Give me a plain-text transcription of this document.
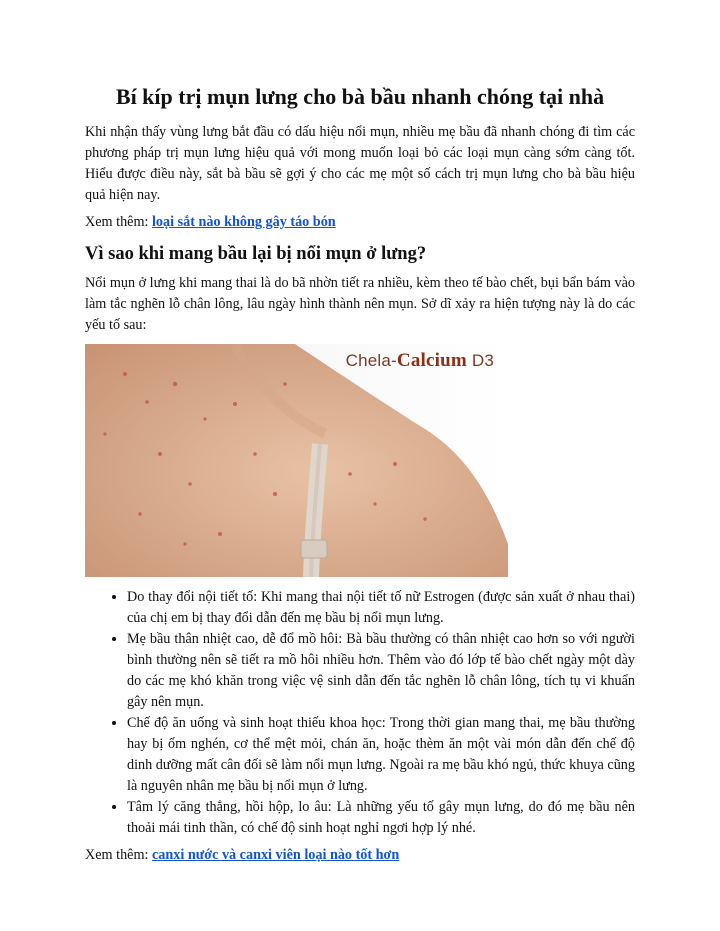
Bí kíp trị mụn lưng cho bà bầu nhanh chóng tại nhà

Khi nhận thấy vùng lưng bắt đầu có dấu hiệu nổi mụn, nhiều mẹ bầu đã nhanh chóng đi tìm các phương pháp trị mụn lưng hiệu quả với mong muốn loại bỏ các loại mụn càng sớm càng tốt. Hiểu được điều này, sắt bà bầu sẽ gợi ý cho các mẹ một số cách trị mụn lưng cho bà bầu hiệu quả hiện nay.

Xem thêm: loại sắt nào không gây táo bón
Vì sao khi mang bầu lại bị nổi mụn ở lưng?

Nổi mụn ở lưng khi mang thai là do bã nhờn tiết ra nhiều, kèm theo tế bào chết, bụi bẩn bám vào làm tắc nghẽn lỗ chân lông, lâu ngày hình thành nên mụn. Sở dĩ xảy ra hiện tượng này là do các yếu tố sau:

Chela-Calcium D3
• Do thay đổi nội tiết tố: Khi mang thai nội tiết tố nữ Estrogen (được sản xuất ở nhau thai) của chị em bị thay đổi dẫn đến mẹ bầu bị nổi mụn lưng.
• Mẹ bầu thân nhiệt cao, dễ đổ mồ hôi: Bà bầu thường có thân nhiệt cao hơn so với người bình thường nên sẽ tiết ra mồ hôi nhiều hơn. Thêm vào đó lớp tế bào chết ngày một dày do các mẹ khó khăn trong việc vệ sinh dẫn đến tắc nghẽn lỗ chân lông, tích tụ vi khuẩn gây nên mụn.
• Chế độ ăn uống và sinh hoạt thiếu khoa học: Trong thời gian mang thai, mẹ bầu thường hay bị ốm nghén, cơ thể mệt mỏi, chán ăn, hoặc thèm ăn một vài món dẫn đến chế độ dinh dưỡng mất cân đối sẽ làm nổi mụn lưng. Ngoài ra mẹ bầu khó ngủ, thức khuya cũng là nguyên nhân mẹ bầu bị nổi mụn ở lưng.
• Tâm lý căng thẳng, hồi hộp, lo âu: Là những yếu tố gây mụn lưng, do đó mẹ bầu nên thoải mái tinh thần, có chế độ sinh hoạt nghỉ ngơi hợp lý nhé.
Xem thêm: canxi nước và canxi viên loại nào tốt hơn
